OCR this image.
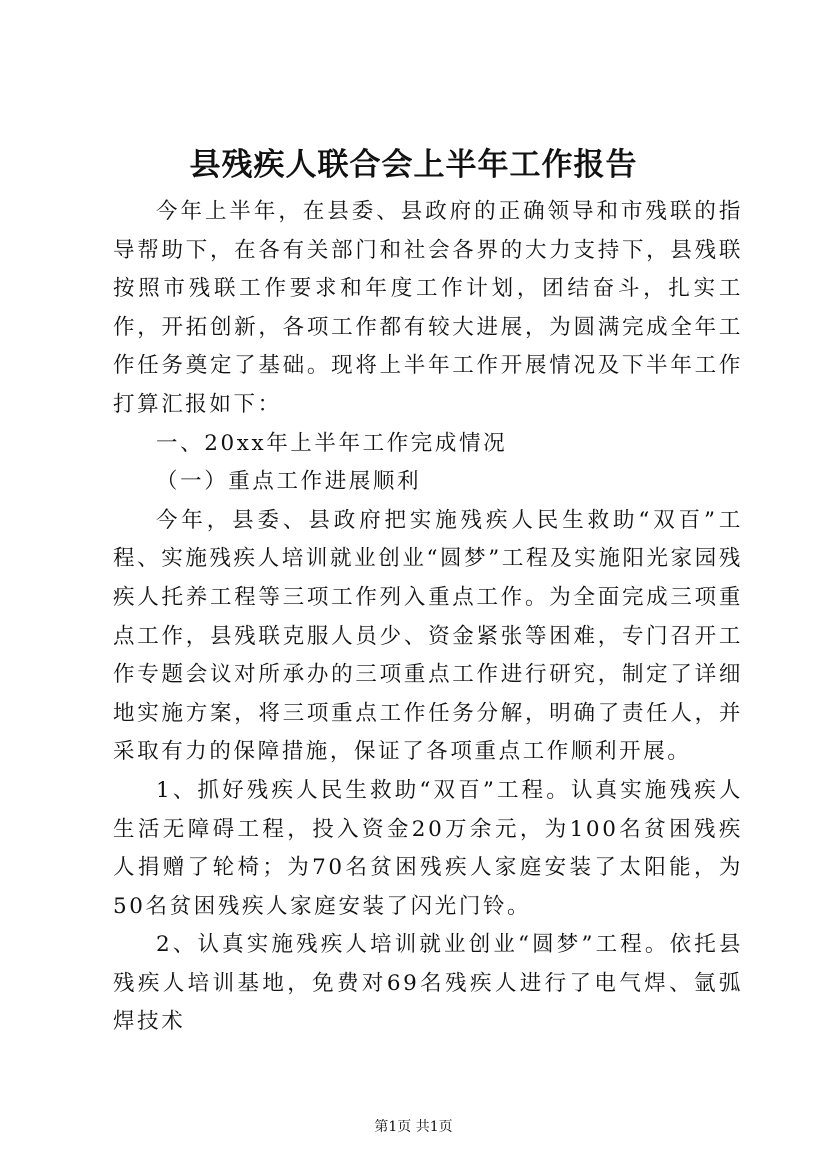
县残疾人联合会上半年工作报告

今年上半年，在县委、县政府的正确领导和市残联的指导帮助下，在各有关部门和社会各界的大力支持下，县残联按照市残联工作要求和年度工作计划，团结奋斗，扎实工作，开拓创新，各项工作都有较大进展，为圆满完成全年工作任务奠定了基础。现将上半年工作开展情况及下半年工作打算汇报如下：

一、20xx年上半年工作完成情况

（一）重点工作进展顺利

今年，县委、县政府把实施残疾人民生救助“双百”工程、实施残疾人培训就业创业“圆梦”工程及实施阳光家园残疾人托养工程等三项工作列入重点工作。为全面完成三项重点工作，县残联克服人员少、资金紧张等困难，专门召开工作专题会议对所承办的三项重点工作进行研究，制定了详细地实施方案，将三项重点工作任务分解，明确了责任人，并采取有力的保障措施，保证了各项重点工作顺利开展。

1、抓好残疾人民生救助“双百”工程。认真实施残疾人生活无障碍工程，投入资金20万余元，为100名贫困残疾人捐赠了轮椅；为70名贫困残疾人家庭安装了太阳能，为50名贫困残疾人家庭安装了闪光门铃。

2、认真实施残疾人培训就业创业“圆梦”工程。依托县残疾人培训基地，免费对69名残疾人进行了电气焊、氩弧焊技术

第1页 共1页
